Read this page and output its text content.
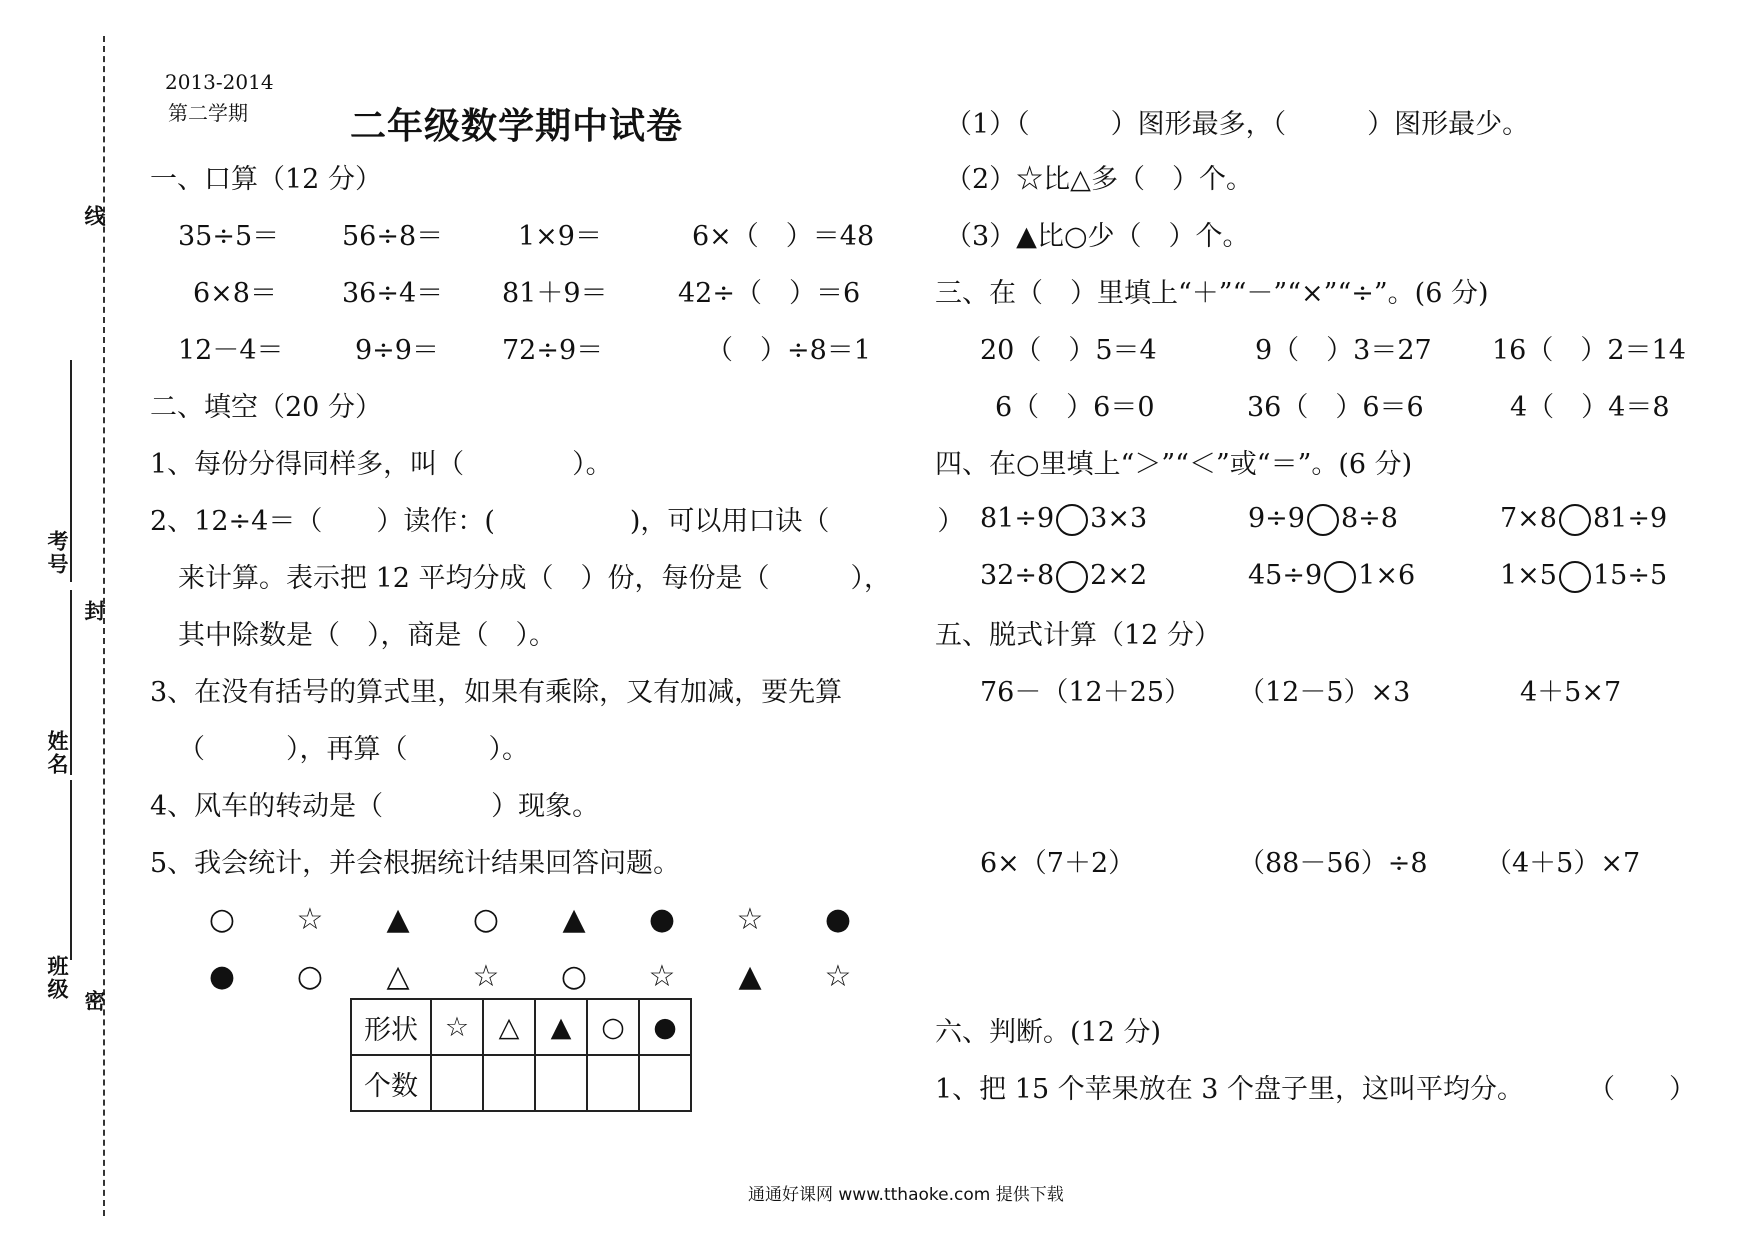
线
考号
封
姓名
班级
密
2013-2014
第二学期	二年级数学期中试卷
一、口算（12 分）
35÷5＝ 56÷8＝	1×9＝	6×（　）＝48
6×8＝ 36÷4＝ 81＋9＝	42÷（　）＝6
12－4＝	9÷9＝ 72÷9＝	（　）÷8＝1
二、填空（20 分）
1、每份分得同样多，叫（　　　　）。
2、12÷4＝（　　）读作：(　　　　　)，可以用口诀（　　　　）
来计算。表示把 12 平均分成（　）份，每份是（　　　），
其中除数是（　），商是（　）。
3、在没有括号的算式里，如果有乘除，又有加减，要先算
（　　　），再算（　　　）。
4、风车的转动是（　　　　）现象。
5、我会统计，并会根据统计结果回答问题。
○ ☆ ▲ ○ ▲ ● ☆ ●
● ○ △ ☆ ○ ☆ ▲ ☆
形状	☆	△	▲	○	●
个数					
（1）（　　　）图形最多，（　　　）图形最少。
（2）☆比△多（　）个。
（3）▲比○少（　）个。
三、在（　）里填上“＋”“－”“×”“÷”。(6 分)
20（　）5＝4	9（　）3＝27 16（　）2＝14
6（　）6＝0	36（　）6＝6	4（　）4＝8
四、在○里填上“＞”“＜”或“＝”。(6 分)
81÷9 3×3	9÷9 8÷8	7×8 81÷9
32÷8 2×2	45÷9 1×6	1×5 15÷5
五、脱式计算（12 分）
76－（12＋25） （12－5）×3	4＋5×7
6×（7＋2）	（88－56）÷8 （4＋5）×7
六、判断。(12 分)
1、把 15 个苹果放在 3 个盘子里，这叫平均分。 （　　）
通通好课网 www.tthaoke.com 提供下载
